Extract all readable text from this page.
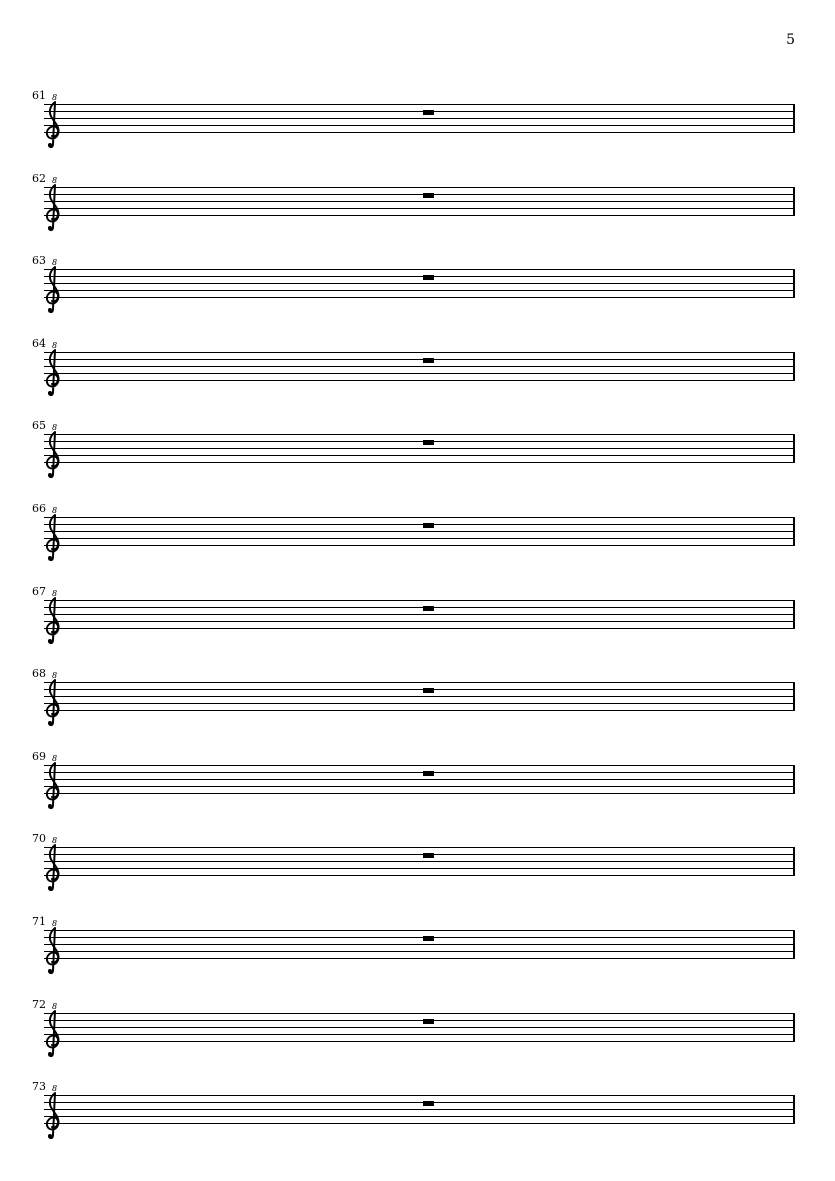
5
61 8
62 8
63 8
64 8
65 8
66 8
67 8
68 8
69 8
70 8
71 8
72 8
73 8
